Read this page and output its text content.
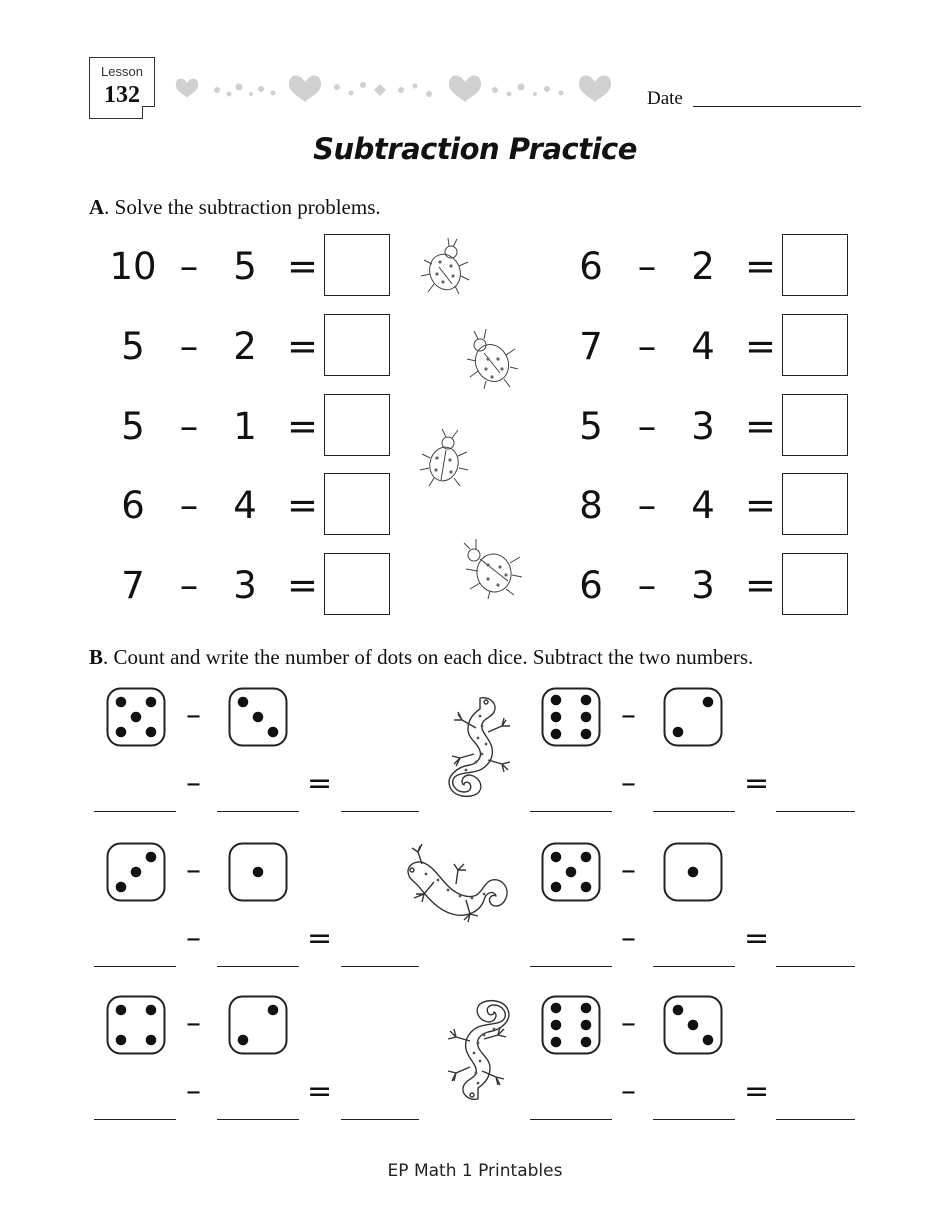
Lesson
132	Date
Subtraction Practice
A. Solve the subtraction problems.
10 – 5 =
5 – 2 =
5 – 1 =
6 – 4 =
7 – 3 =
6 – 2 =
7 – 4 =
5 – 3 =
8 – 4 =
6 – 3 =
B. Count and write the number of dots on each dice. Subtract the two numbers.
–
–	=
–
–	=
–
–	=
–
–	=
–
–	=
–
–	=
EP Math 1 Printables
